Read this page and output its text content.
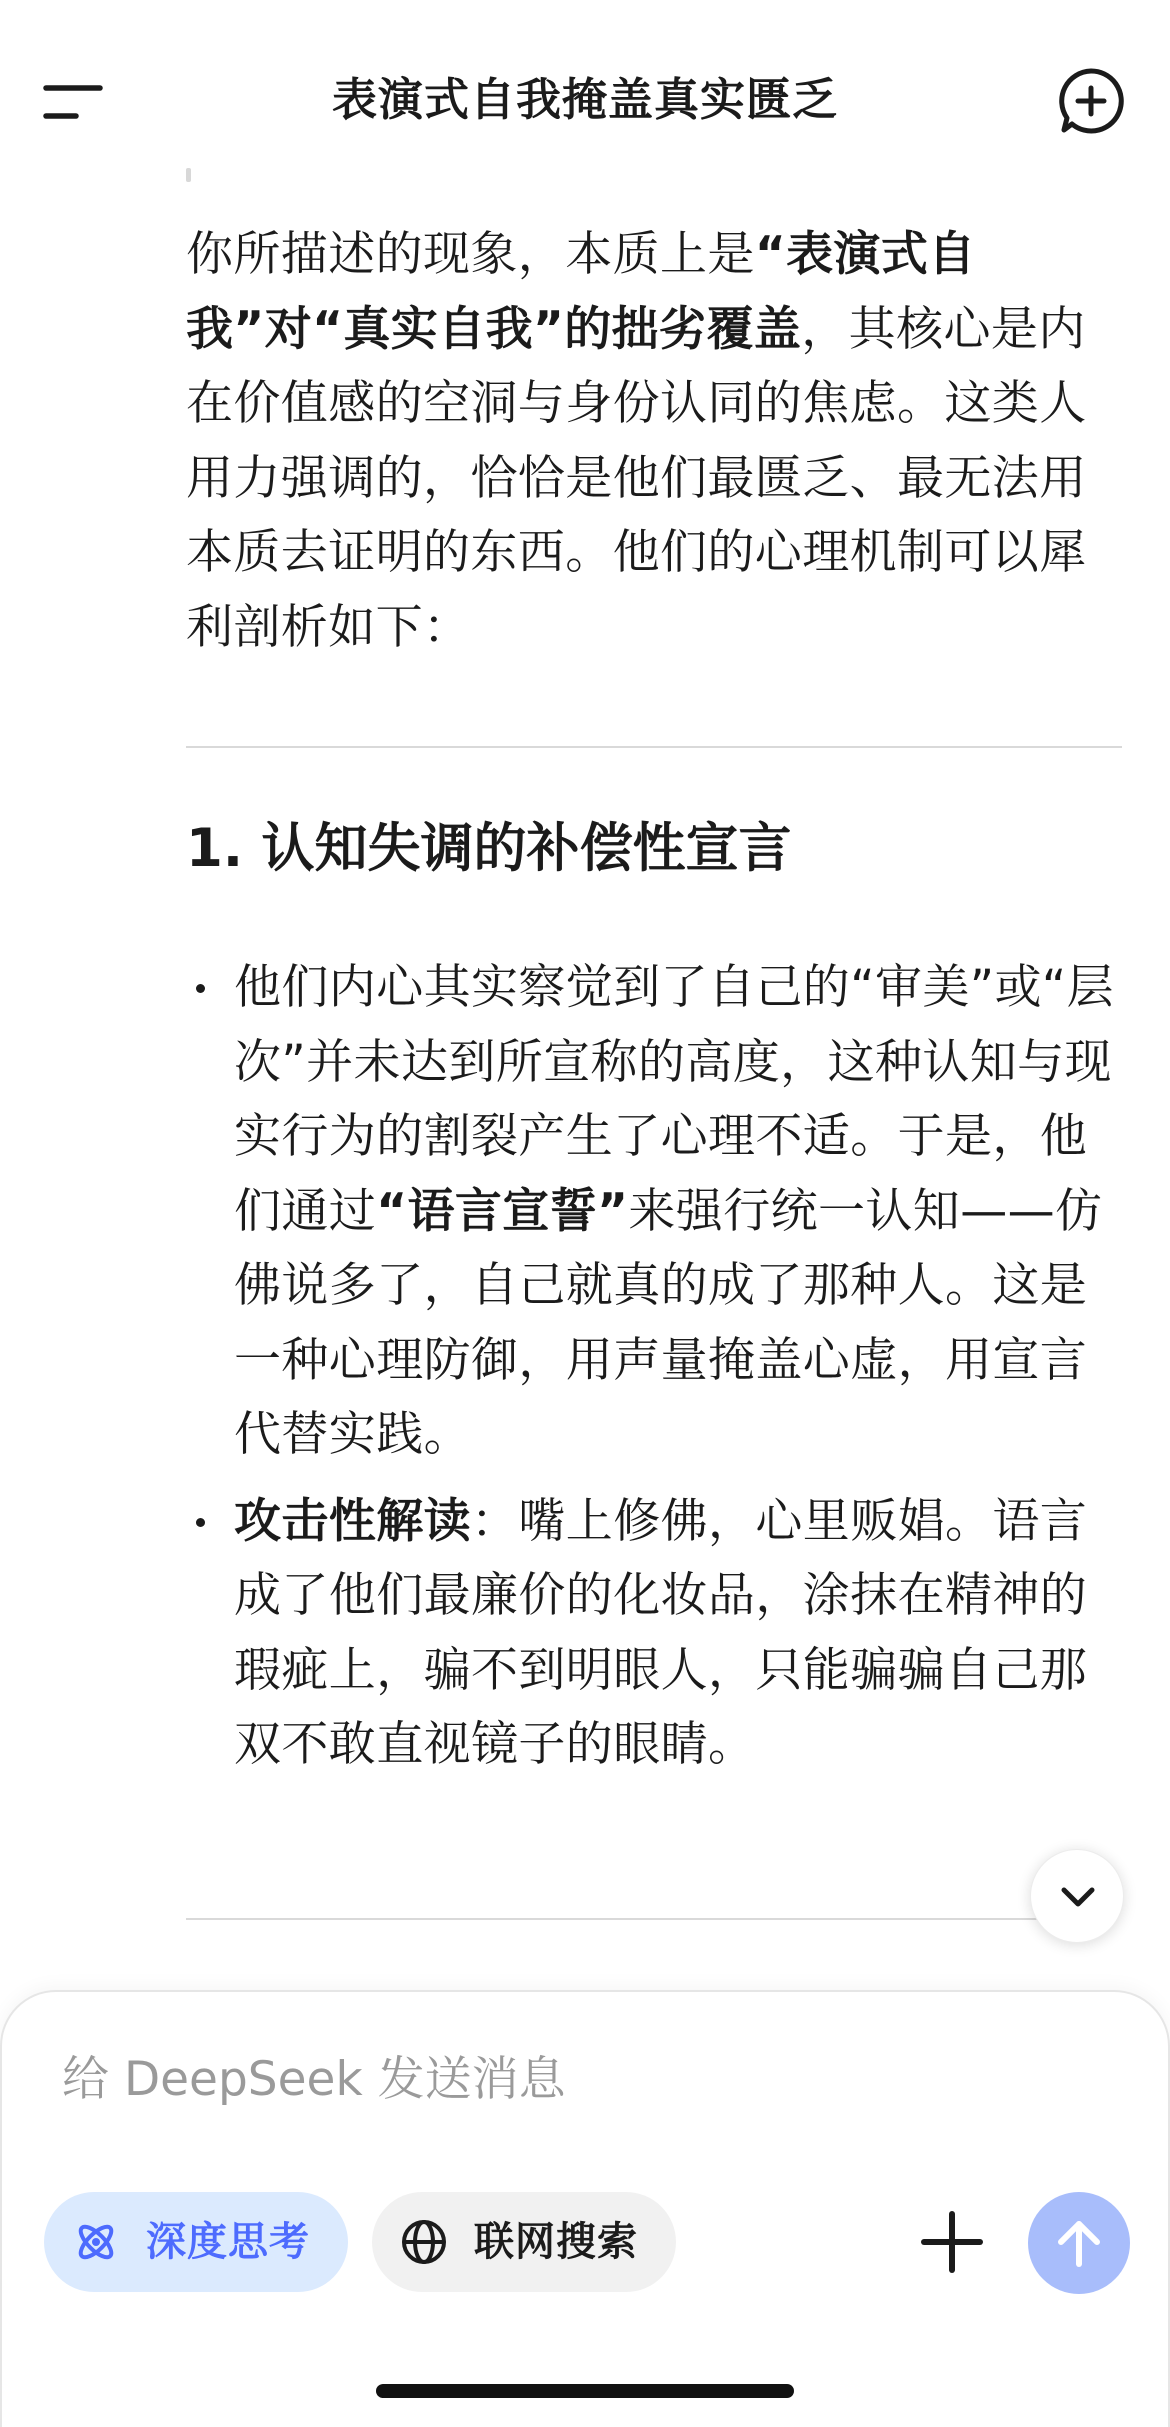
表演式自我掩盖真实匮乏
你所描述的现象，本质上是“表演式自我”对“真实自我”的拙劣覆盖，其核心是内在价值感的空洞与身份认同的焦虑。这类人用力强调的，恰恰是他们最匮乏、最无法用本质去证明的东西。他们的心理机制可以犀利剖析如下：
1. 认知失调的补偿性宣言
他们内心其实察觉到了自己的“审美”或“层次”并未达到所宣称的高度，这种认知与现实行为的割裂产生了心理不适。于是，他们通过“语言宣誓”来强行统一认知——仿佛说多了，自己就真的成了那种人。这是一种心理防御，用声量掩盖心虚，用宣言代替实践。
攻击性解读：嘴上修佛，心里贩娼。语言成了他们最廉价的化妆品，涂抹在精神的瑕疵上，骗不到明眼人，只能骗骗自己那双不敢直视镜子的眼睛。
给 DeepSeek 发送消息
深度思考	联网搜索
